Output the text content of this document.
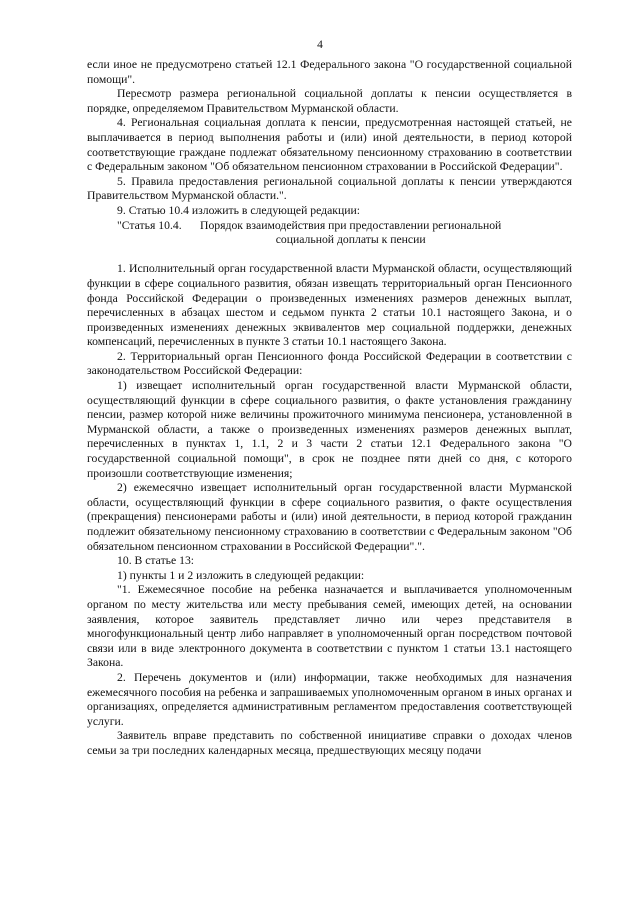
4

если иное не предусмотрено статьей 12.1 Федерального закона "О государственной социальной помощи".

Пересмотр размера региональной социальной доплаты к пенсии осуществляется в порядке, определяемом Правительством Мурманской области.

4. Региональная социальная доплата к пенсии, предусмотренная настоящей статьей, не выплачивается в период выполнения работы и (или) иной деятельности, в период которой соответствующие граждане подлежат обязательному пенсионному страхованию в соответствии с Федеральным законом "Об обязательном пенсионном страховании в Российской Федерации".

5. Правила предоставления региональной социальной доплаты к пенсии утверждаются Правительством Мурманской области.".

9. Статью 10.4 изложить в следующей редакции:

"Статья 10.4.Порядок взаимодействия при предоставлении региональной социальной доплаты к пенсии

1. Исполнительный орган государственной власти Мурманской области, осуществляющий функции в сфере социального развития, обязан извещать территориальный орган Пенсионного фонда Российской Федерации о произведенных изменениях размеров денежных выплат, перечисленных в абзацах шестом и седьмом пункта 2 статьи 10.1 настоящего Закона, и о произведенных изменениях денежных эквивалентов мер социальной поддержки, денежных компенсаций, перечисленных в пункте 3 статьи 10.1 настоящего Закона.

2. Территориальный орган Пенсионного фонда Российской Федерации в соответствии с законодательством Российской Федерации:

1) извещает исполнительный орган государственной власти Мурманской области, осуществляющий функции в сфере социального развития, о факте установления гражданину пенсии, размер которой ниже величины прожиточного минимума пенсионера, установленной в Мурманской области, а также о произведенных изменениях размеров денежных выплат, перечисленных в пунктах 1, 1.1, 2 и 3 части 2 статьи 12.1 Федерального закона "О государственной социальной помощи", в срок не позднее пяти дней со дня, с которого произошли соответствующие изменения;

2) ежемесячно извещает исполнительный орган государственной власти Мурманской области, осуществляющий функции в сфере социального развития, о факте осуществления (прекращения) пенсионерами работы и (или) иной деятельности, в период которой гражданин подлежит обязательному пенсионному страхованию в соответствии с Федеральным законом "Об обязательном пенсионном страховании в Российской Федерации".".

10. В статье 13:

1) пункты 1 и 2 изложить в следующей редакции:

"1. Ежемесячное пособие на ребенка назначается и выплачивается уполномоченным органом по месту жительства или месту пребывания семей, имеющих детей, на основании заявления, которое заявитель представляет лично или через представителя в многофункциональный центр либо направляет в уполномоченный орган посредством почтовой связи или в виде электронного документа в соответствии с пунктом 1 статьи 13.1 настоящего Закона.

2. Перечень документов и (или) информации, также необходимых для назначения ежемесячного пособия на ребенка и запрашиваемых уполномоченным органом в иных органах и организациях, определяется административным регламентом предоставления соответствующей услуги.

Заявитель вправе представить по собственной инициативе справки о доходах членов семьи за три последних календарных месяца, предшествующих месяцу подачи
